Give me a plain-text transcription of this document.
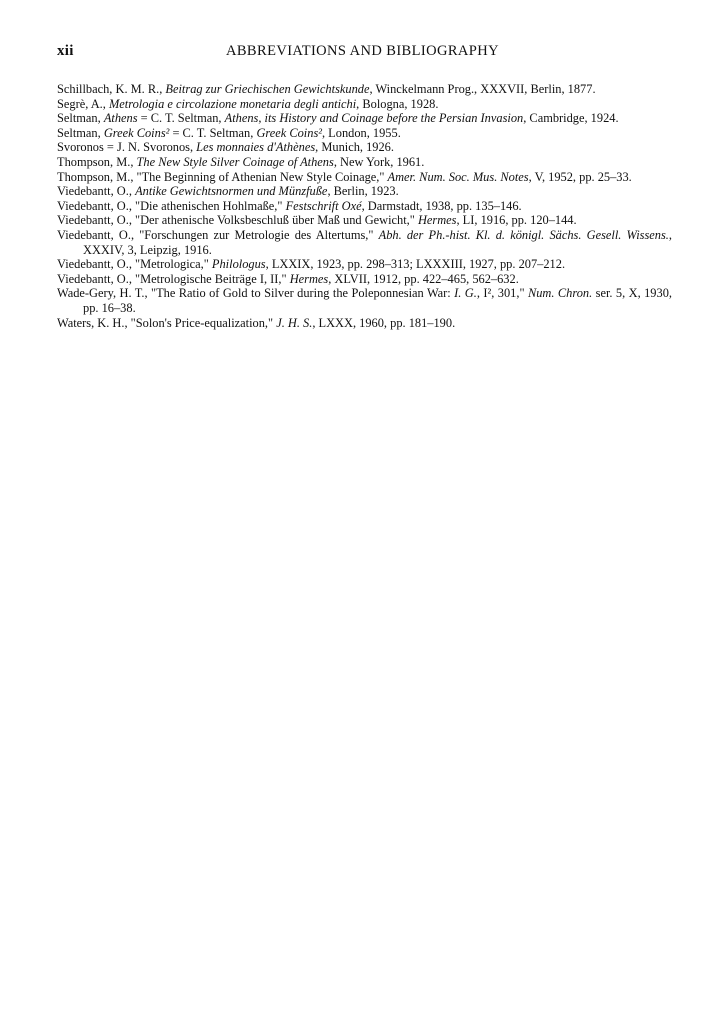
xii	ABBREVIATIONS AND BIBLIOGRAPHY
Schillbach, K. M. R., Beitrag zur Griechischen Gewichtskunde, Winckelmann Prog., XXXVII, Berlin, 1877.
Segrè, A., Metrologia e circolazione monetaria degli antichi, Bologna, 1928.
Seltman, Athens = C. T. Seltman, Athens, its History and Coinage before the Persian Invasion, Cambridge, 1924.
Seltman, Greek Coins² = C. T. Seltman, Greek Coins², London, 1955.
Svoronos = J. N. Svoronos, Les monnaies d'Athènes, Munich, 1926.
Thompson, M., The New Style Silver Coinage of Athens, New York, 1961.
Thompson, M., "The Beginning of Athenian New Style Coinage," Amer. Num. Soc. Mus. Notes, V, 1952, pp. 25–33.
Viedebantt, O., Antike Gewichtsnormen und Münzfuße, Berlin, 1923.
Viedebantt, O., "Die athenischen Hohlmaße," Festschrift Oxé, Darmstadt, 1938, pp. 135–146.
Viedebantt, O., "Der athenische Volksbeschluß über Maß und Gewicht," Hermes, LI, 1916, pp. 120–144.
Viedebantt, O., "Forschungen zur Metrologie des Altertums," Abh. der Ph.-hist. Kl. d. königl. Sächs. Gesell. Wissens., XXXIV, 3, Leipzig, 1916.
Viedebantt, O., "Metrologica," Philologus, LXXIX, 1923, pp. 298–313; LXXXIII, 1927, pp. 207–212.
Viedebantt, O., "Metrologische Beiträge I, II," Hermes, XLVII, 1912, pp. 422–465, 562–632.
Wade-Gery, H. T., "The Ratio of Gold to Silver during the Poleponnesian War: I. G., I², 301," Num. Chron. ser. 5, X, 1930, pp. 16–38.
Waters, K. H., "Solon's Price-equalization," J. H. S., LXXX, 1960, pp. 181–190.
